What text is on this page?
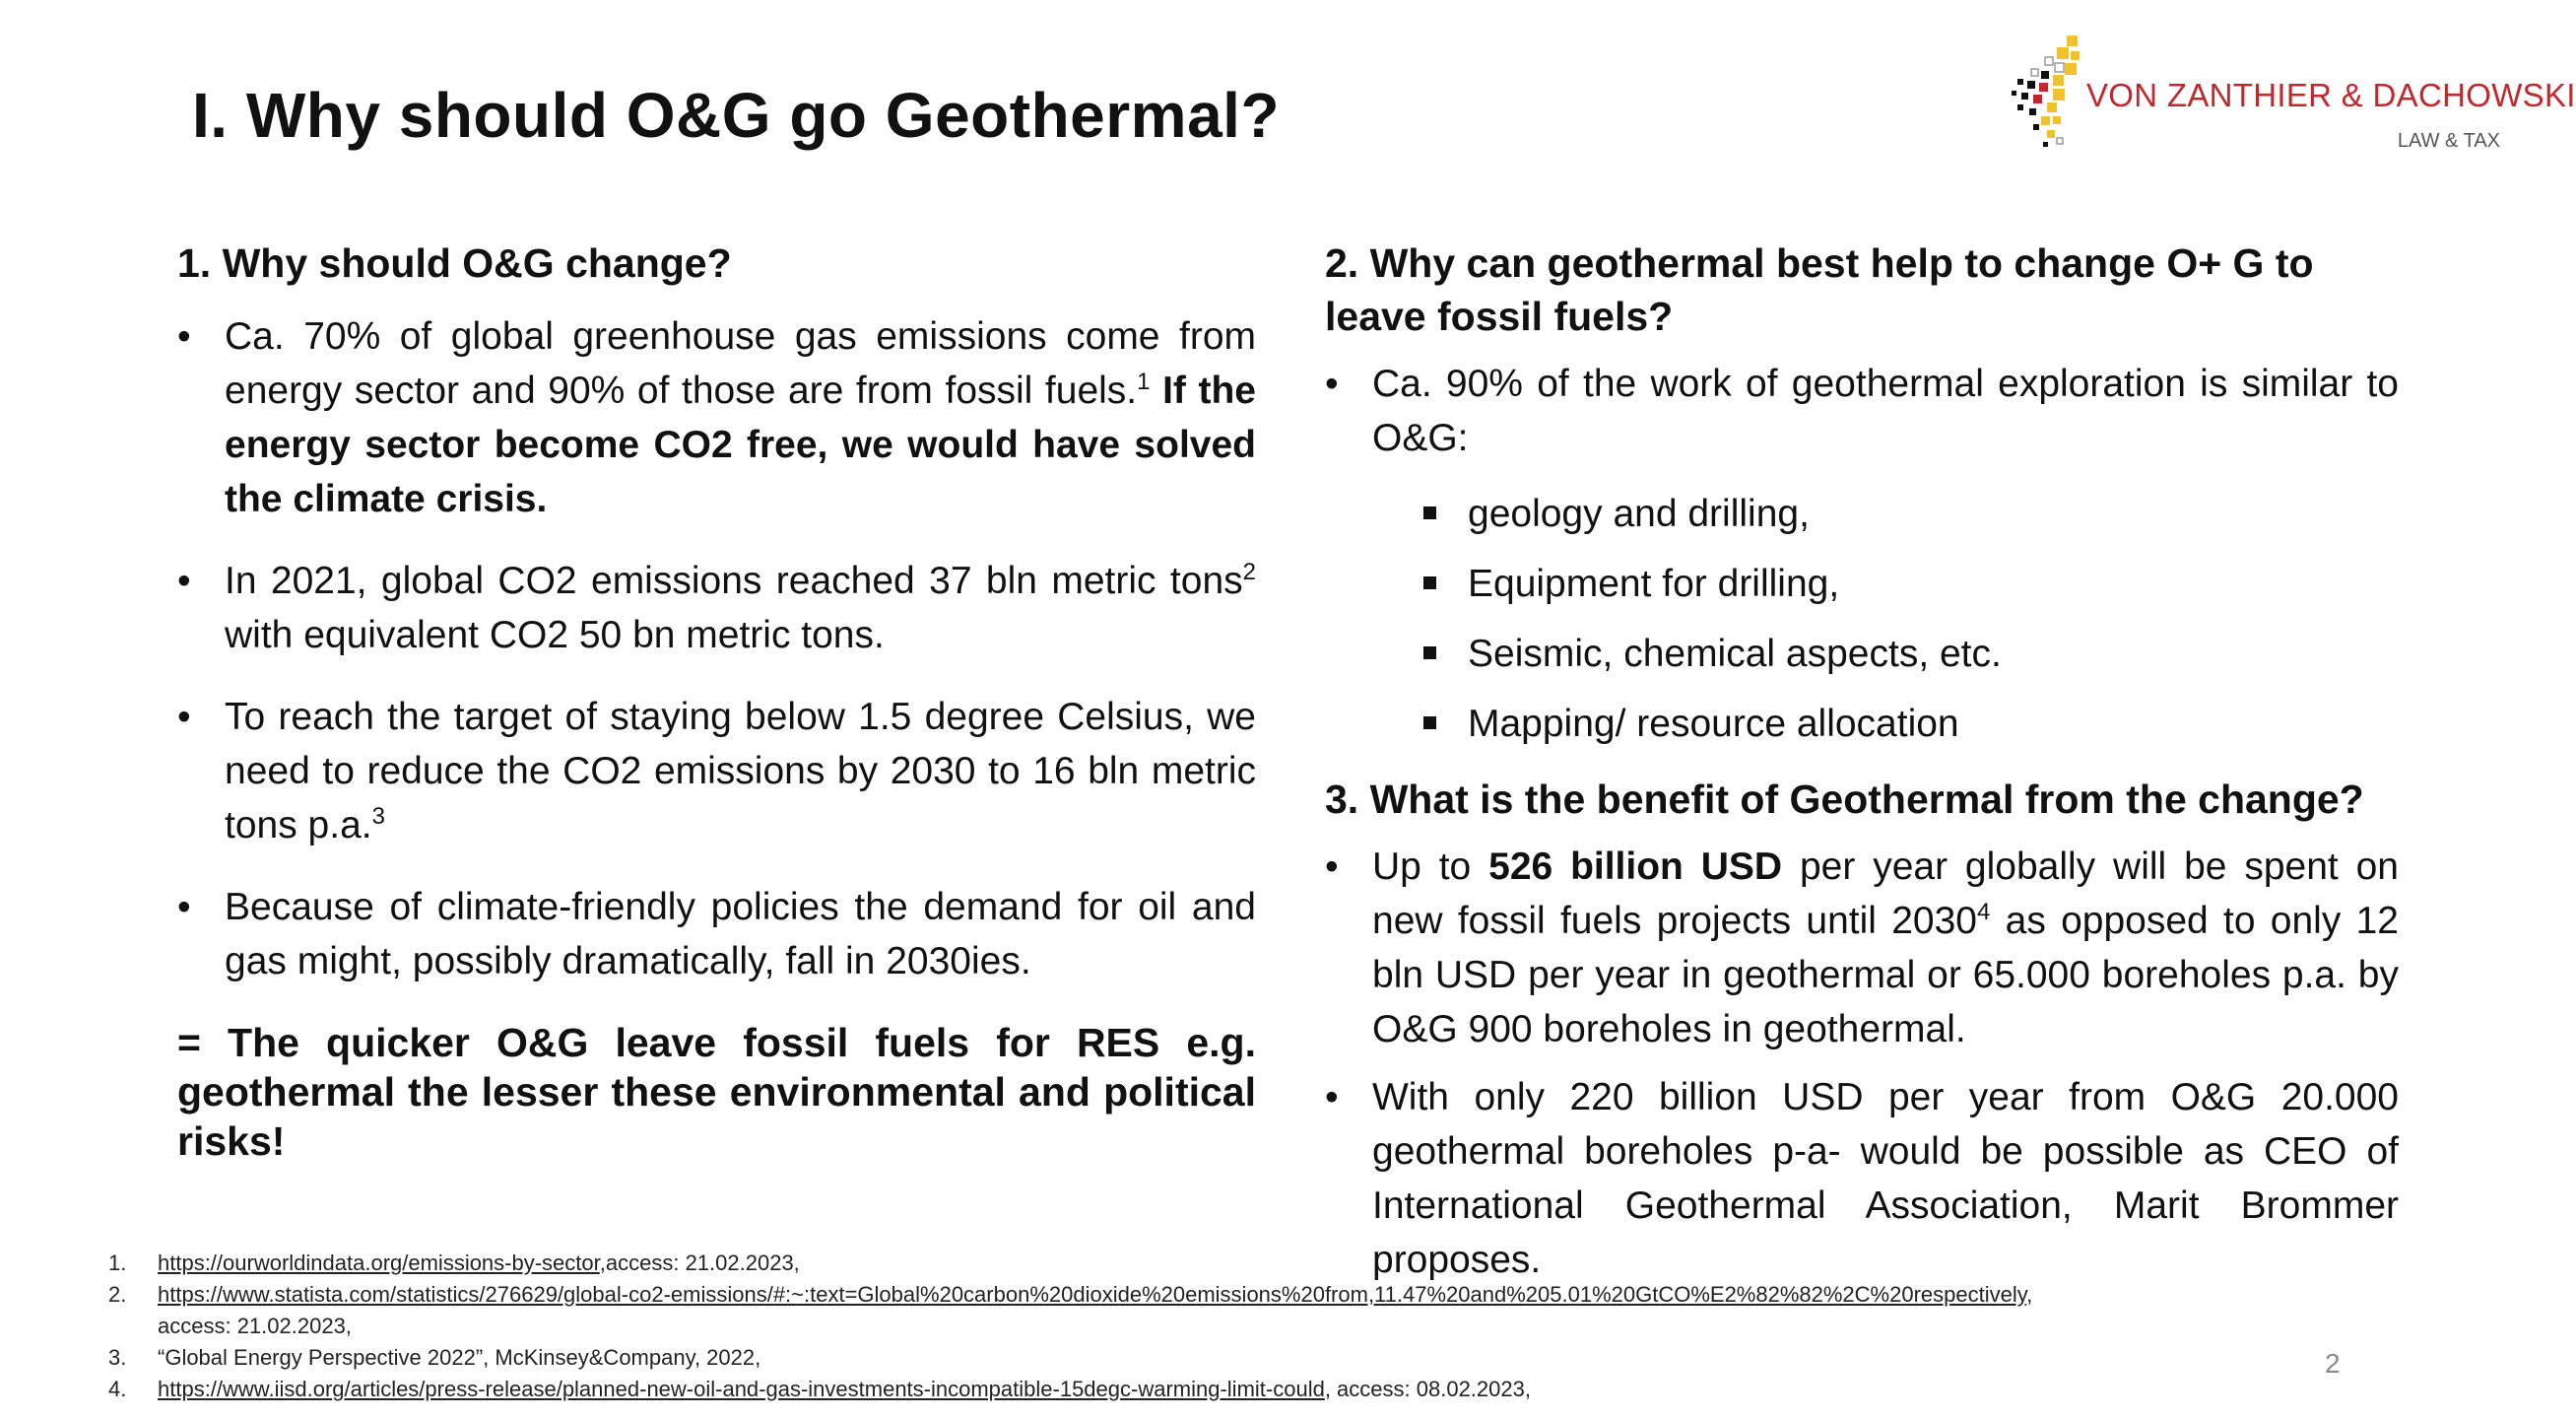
I. Why should O&G go Geothermal?	VON ZANTHIER & DACHOWSKI
LAW & TAX
1. Why should O&G change?
• Ca. 70% of global greenhouse gas emissions come from energy sector and 90% of those are from fossil fuels.$^1$ If the energy sector become CO2 free, we would have solved the climate crisis.
• In 2021, global CO2 emissions reached 37 bln metric tons$^2$ with equivalent CO2 50 bn metric tons.
• To reach the target of staying below 1.5 degree Celsius, we need to reduce the CO2 emissions by 2030 to 16 bln metric tons p.a.$^3$
• Because of climate-friendly policies the demand for oil and gas might, possibly dramatically, fall in 2030ies.

= The quicker O&G leave fossil fuels for RES e.g. geothermal the lesser these environmental and political risks!

2. Why can geothermal best help to change O+ G to leave fossil fuels?
• Ca. 90% of the work of geothermal exploration is similar to O&G:
geology and drilling,
Equipment for drilling,
Seismic, chemical aspects, etc.
Mapping/ resource allocation
3. What is the benefit of Geothermal from the change?
• Up to 526 billion USD per year globally will be spent on new fossil fuels projects until 2030$^4$ as opposed to only 12 bln USD per year in geothermal or 65.000 boreholes p.a. by O&G 900 boreholes in geothermal.
• With only 220 billion USD per year from O&G 20.000 geothermal boreholes p-a- would be possible as CEO of International Geothermal Association, Marit Brommer proposes.
1. https://ourworldindata.org/emissions-by-sector,access: 21.02.2023,
2. https://www.statista.com/statistics/276629/global-co2-emissions/#:~:text=Global%20carbon%20dioxide%20emissions%20from,11.47%20and%205.01%20GtCO%E2%82%82%2C%20respectively,
access: 21.02.2023,
3. “Global Energy Perspective 2022”, McKinsey&Company, 2022,
4. https://www.iisd.org/articles/press-release/planned-new-oil-and-gas-investments-incompatible-15degc-warming-limit-could, access: 08.02.2023,
2
